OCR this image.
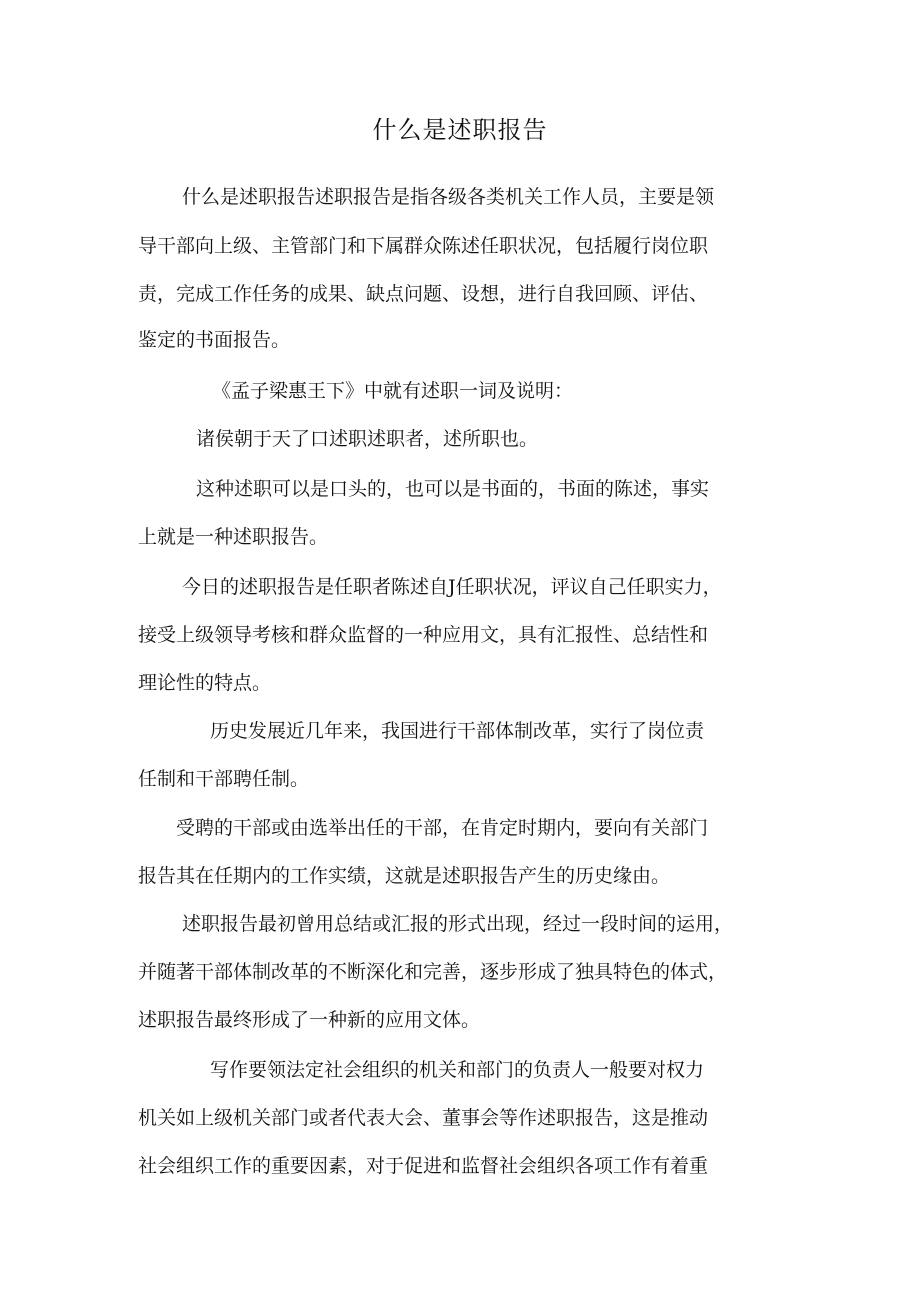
什么是述职报告
什么是述职报告述职报告是指各级各类机关工作人员，主要是领
导干部向上级、主管部门和下属群众陈述任职状况，包括履行岗位职
责，完成工作任务的成果、缺点问题、设想，进行自我回顾、评估、
鉴定的书面报告。
《孟子梁惠王下》中就有述职一词及说明：
诸侯朝于天了口述职述职者，述所职也。
这种述职可以是口头的，也可以是书面的，书面的陈述，事实
上就是一种述职报告。
今日的述职报告是任职者陈述自J任职状况，评议自己任职实力，
接受上级领导考核和群众监督的一种应用文，具有汇报性、总结性和
理论性的特点。
历史发展近几年来，我国进行干部体制改革，实行了岗位责
任制和干部聘任制。
受聘的干部或由选举出任的干部，在肯定时期内，要向有关部门
报告其在任期内的工作实绩，这就是述职报告产生的历史缘由。
述职报告最初曾用总结或汇报的形式出现，经过一段时间的运用，
并随著干部体制改革的不断深化和完善，逐步形成了独具特色的体式，
述职报告最终形成了一种新的应用文体。
写作要领法定社会组织的机关和部门的负责人一般要对权力
机关如上级机关部门或者代表大会、董事会等作述职报告，这是推动
社会组织工作的重要因素，对于促进和监督社会组织各项工作有着重
